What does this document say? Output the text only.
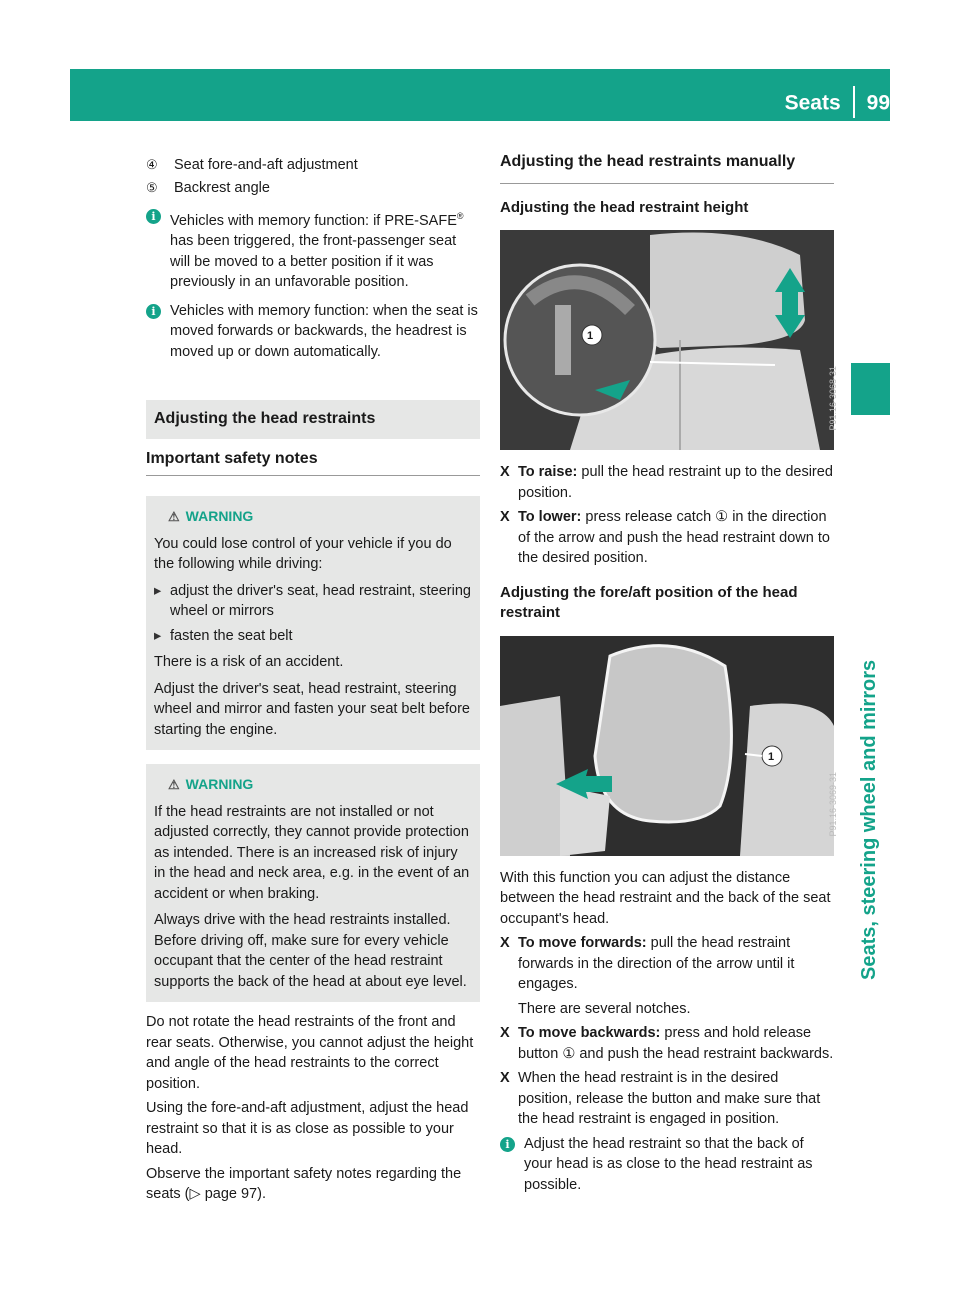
Seats 99
Seats, steering wheel and mirrors
④	Seat fore-and-aft adjustment
⑤	Backrest angle
i Vehicles with memory function: if PRE-SAFE® has been triggered, the front-passenger seat will be moved to a better position if it was previously in an unfavorable position.

i Vehicles with memory function: when the seat is moved forwards or backwards, the headrest is moved up or down automatically.

Adjusting the head restraints
Important safety notes
⚠ WARNING

You could lose control of your vehicle if you do the following while driving:

▸ adjust the driver's seat, head restraint, steering wheel or mirrors
▸ fasten the seat belt

There is a risk of an accident.

Adjust the driver's seat, head restraint, steering wheel and mirror and fasten your seat belt before starting the engine.

⚠ WARNING

If the head restraints are not installed or not adjusted correctly, they cannot provide protection as intended. There is an increased risk of injury in the head and neck area, e.g. in the event of an accident or when braking.

Always drive with the head restraints installed. Before driving off, make sure for every vehicle occupant that the center of the head restraint supports the back of the head at about eye level.

Do not rotate the head restraints of the front and rear seats. Otherwise, you cannot adjust the height and angle of the head restraints to the correct position.

Using the fore-and-aft adjustment, adjust the head restraint so that it is as close as possible to your head.

Observe the important safety notes regarding the seats (▷ page 97).

Adjusting the head restraints manually
Adjusting the head restraint height
1
P91.16-3068-31
X To raise: pull the head restraint up to the desired position.
X To lower: press release catch ① in the direction of the arrow and push the head restraint down to the desired position.
Adjusting the fore/aft position of the head restraint
1
P91.16-3069-31

With this function you can adjust the distance between the head restraint and the back of the seat occupant's head.

X To move forwards: pull the head restraint forwards in the direction of the arrow until it engages.

There are several notches.

X To move backwards: press and hold release button ① and push the head restraint backwards.
X When the head restraint is in the desired position, release the button and make sure that the head restraint is engaged in position.
i Adjust the head restraint so that the back of your head is as close to the head restraint as possible.
